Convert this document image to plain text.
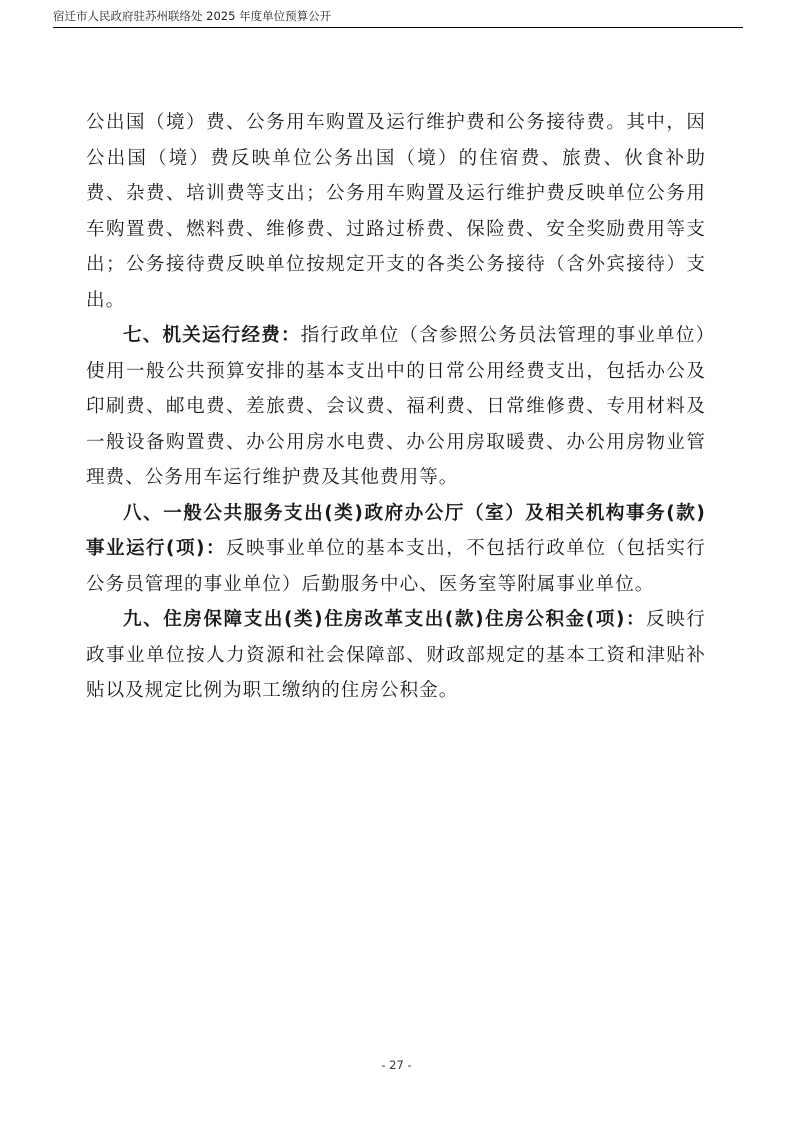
宿迁市人民政府驻苏州联络处 2025 年度单位预算公开

公出国（境）费、公务用车购置及运行维护费和公务接待费。其中，因公出国（境）费反映单位公务出国（境）的住宿费、旅费、伙食补助费、杂费、培训费等支出；公务用车购置及运行维护费反映单位公务用车购置费、燃料费、维修费、过路过桥费、保险费、安全奖励费用等支出；公务接待费反映单位按规定开支的各类公务接待（含外宾接待）支出。

七、机关运行经费：指行政单位（含参照公务员法管理的事业单位）使用一般公共预算安排的基本支出中的日常公用经费支出，包括办公及印刷费、邮电费、差旅费、会议费、福利费、日常维修费、专用材料及一般设备购置费、办公用房水电费、办公用房取暖费、办公用房物业管理费、公务用车运行维护费及其他费用等。

八、一般公共服务支出(类)政府办公厅（室）及相关机构事务(款)事业运行(项)：反映事业单位的基本支出，不包括行政单位（包括实行公务员管理的事业单位）后勤服务中心、医务室等附属事业单位。

九、住房保障支出(类)住房改革支出(款)住房公积金(项)：反映行政事业单位按人力资源和社会保障部、财政部规定的基本工资和津贴补贴以及规定比例为职工缴纳的住房公积金。

- 27 -
